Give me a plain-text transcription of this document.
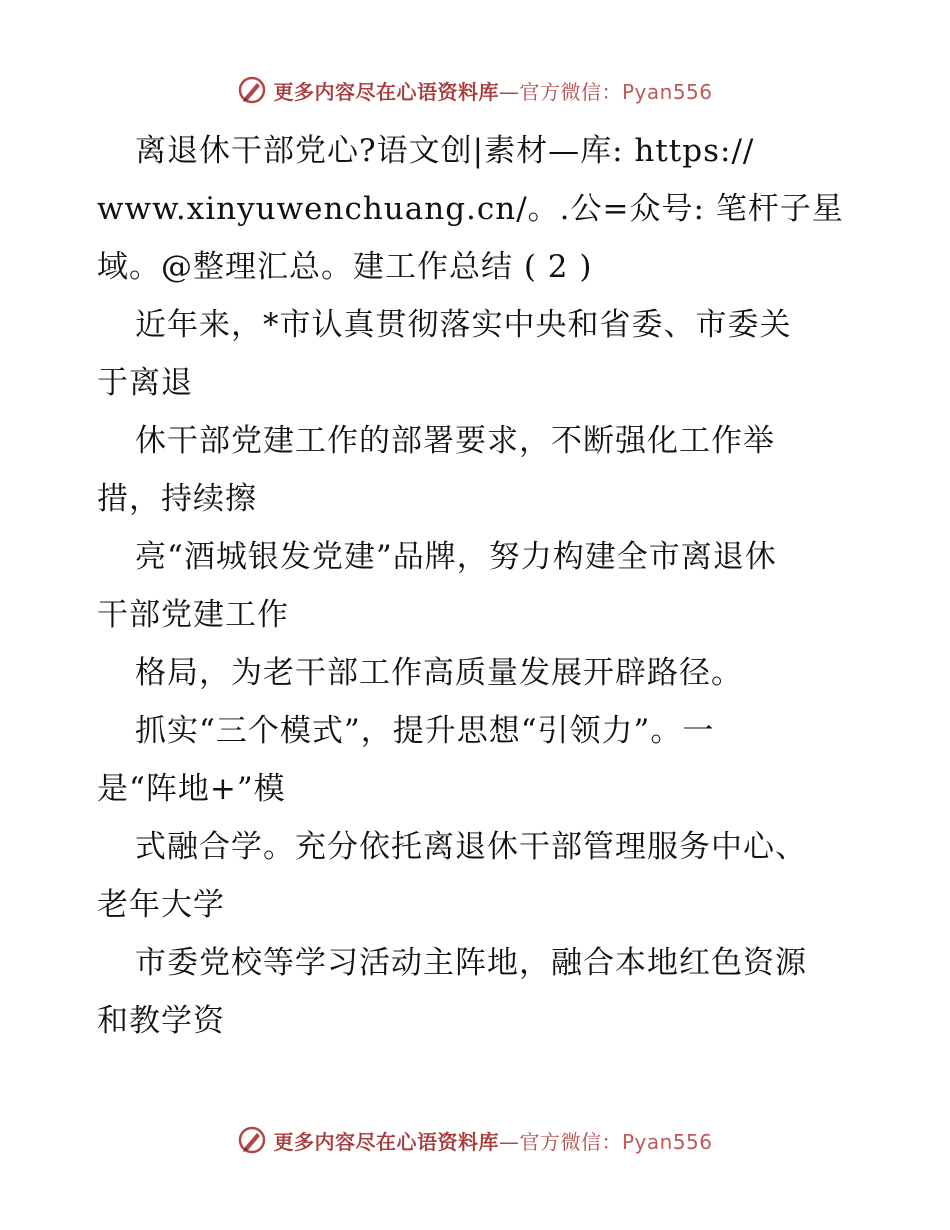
更多内容尽在心语资料库—官方微信：Pyan556
离退休干部党心?语文创|素材—库: https://
www.xinyuwenchuang.cn/。.公=众号: 笔杆子星
域。@整理汇总。建工作总结 ( 2 )
近年来，*市认真贯彻落实中央和省委、市委关
于离退
休干部党建工作的部署要求，不断强化工作举
措，持续擦
亮“酒城银发党建”品牌，努力构建全市离退休
干部党建工作
格局，为老干部工作高质量发展开辟路径。
抓实“三个模式”，提升思想“引领力”。一
是“阵地+”模
式融合学。充分依托离退休干部管理服务中心、
老年大学
市委党校等学习活动主阵地，融合本地红色资源
和教学资
更多内容尽在心语资料库—官方微信：Pyan556
